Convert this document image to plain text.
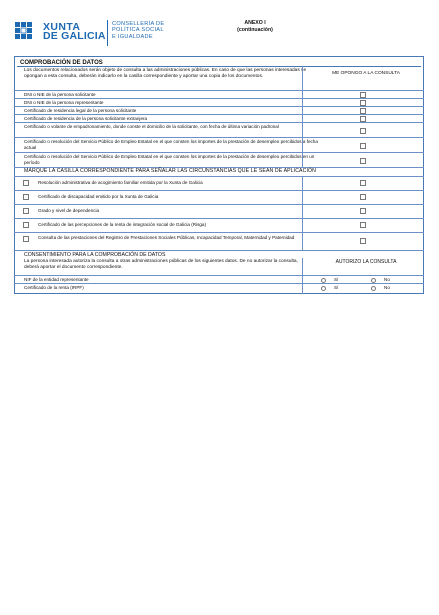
XUNTA
DE GALICIA
CONSELLERÍA DE
POLÍTICA SOCIAL
E IGUALDADE
ANEXO I
(continuación)
COMPROBACIÓN DE DATOS
Los documentos relacionados serán objeto de consulta a las administraciones públicas. En caso de que las personas interesadas se opongan a esta consulta, deberán indicarlo en la casilla correspondiente y aportar una copia de los documentos.
ME OPONGO A LA CONSULTA
DNI o NIE de la persona solicitante
DNI o NIE de la persona representante
Certificado de residencia legal de la persona solicitante
Certificado de residencia de la persona solicitante extranjera
Certificado o volante de empadronamiento, donde conste el domicilio de la solicitante, con fecha de última variación padronal
Certificado o resolución del Servicio Público de Empleo Estatal en el que consten los importes de la prestación de desempleo percibidos a fecha actual
Certificado o resolución del Servicio Público de Empleo Estatal en el que consten los importes de la prestación de desempleo percibidos en un período
MARQUE LA CASILLA CORRESPONDIENTE PARA SEÑALAR LAS CIRCUNSTANCIAS QUE LE SEAN DE APLICACIÓN
Resolución administrativa de acogimiento familiar emitida por la Xunta de Galicia
Certificado de discapacidad emitido por la Xunta de Galicia
Grado y nivel de dependencia
Certificado de las percepciones de la renta de integración social de Galicia (Risga)
Consulta de las prestaciones del Registro de Prestaciones Sociales Públicas, Incapacidad Temporal, Maternidad y Paternidad
CONSENTIMIENTO PARA LA COMPROBACIÓN DE DATOS
La persona interesada autoriza la consulta a otras administraciones públicas de los siguientes datos. De no autorizar la consulta, deberá aportar el documento correspondiente.
AUTORIZO LA CONSULTA
NIF de la entidad representante	Sí	No
Certificado de la renta (IRPF)	Sí	No
